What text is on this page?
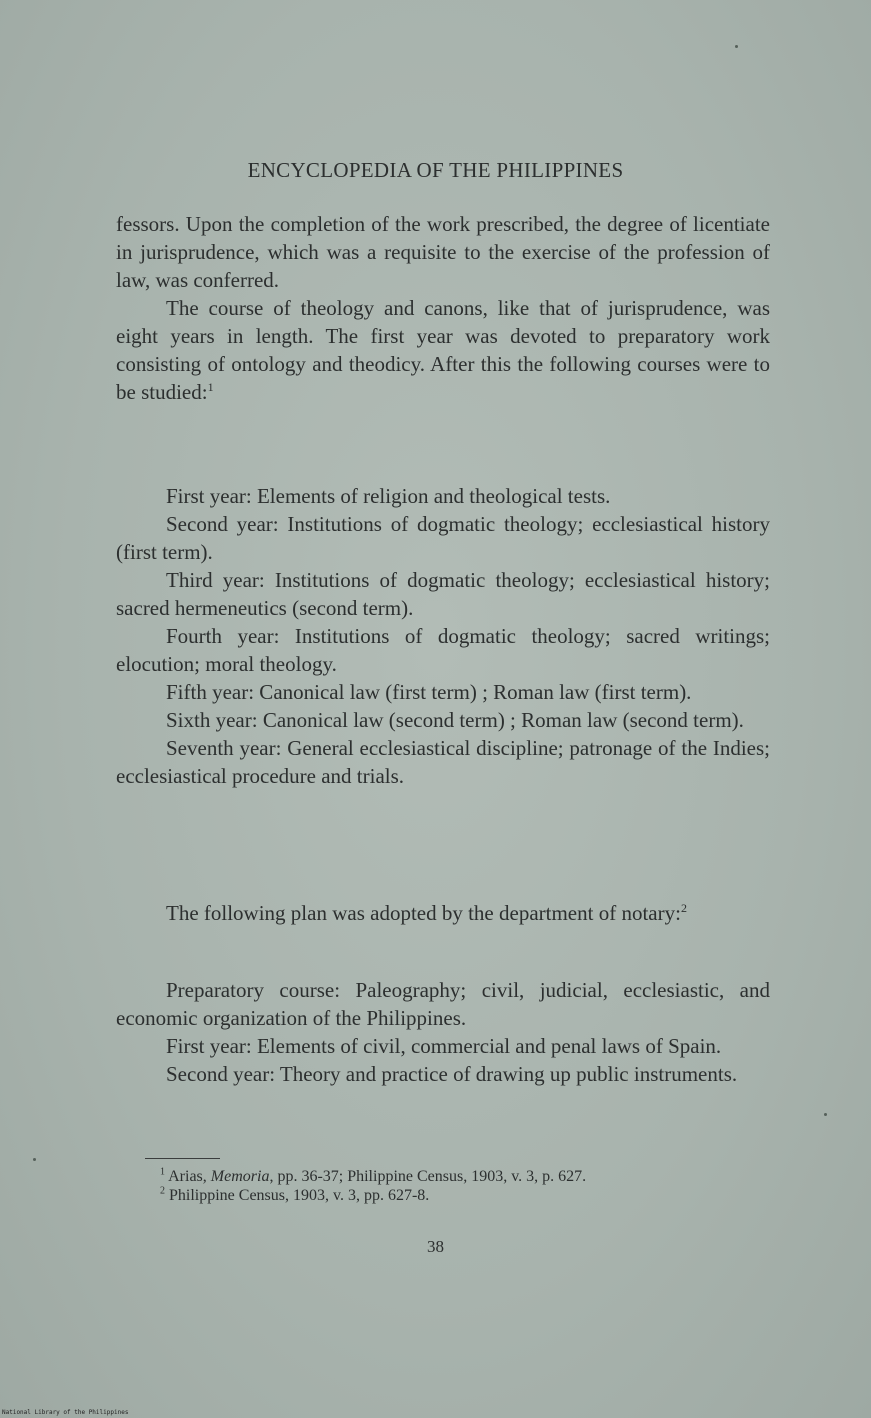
ENCYCLOPEDIA OF THE PHILIPPINES

fessors. Upon the completion of the work prescribed, the degree of licentiate in jurisprudence, which was a requisite to the exercise of the profession of law, was conferred.

The course of theology and canons, like that of jurisprudence, was eight years in length. The first year was devoted to preparatory work consisting of ontology and theodicy. After this the following courses were to be studied:$^1$

First year: Elements of religion and theological tests.

Second year: Institutions of dogmatic theology; ecclesiastical history (first term).

Third year: Institutions of dogmatic theology; ecclesiastical history; sacred hermeneutics (second term).

Fourth year: Institutions of dogmatic theology; sacred writings; elocution; moral theology.

Fifth year: Canonical law (first term) ; Roman law (first term).

Sixth year: Canonical law (second term) ; Roman law (second term).

Seventh year: General ecclesiastical discipline; patronage of the Indies; ecclesiastical procedure and trials.

The following plan was adopted by the department of notary:$^2$

Preparatory course: Paleography; civil, judicial, ecclesiastic, and economic organization of the Philippines.

First year: Elements of civil, commercial and penal laws of Spain.

Second year: Theory and practice of drawing up public instruments.

$^1$ Arias, Memoria, pp. 36-37; Philippine Census, 1903, v. 3, p. 627.

$^2$ Philippine Census, 1903, v. 3, pp. 627-8.

38
National Library of the Philippines
